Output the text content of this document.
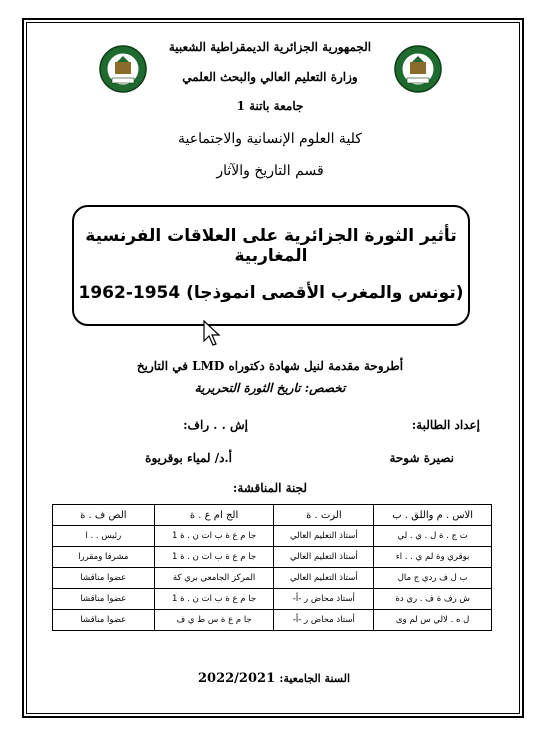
الجمهورية الجزائرية الديمقراطية الشعبية
وزارة التعليم العالي والبحث العلمي
جامعة باتنة 1
كلية العلوم الإنسانية والاجتماعية
قسم التاريخ والآثار
تأثير الثورة الجزائرية على العلاقات الفرنسية المغاربية
(تونس والمغرب الأقصى انموذجا) 1954-1962
أطروحة مقدمة لنيل شهادة دكتوراه LMD في التاريخ
تخصص: تاريخ الثورة التحريرية
إعداد الطالبة:
إش . . راف:
نصيرة شوحة
أ.د/ لمياء بوقريوة
لجنة المناقشة:
الاس . م واللق . ب	الرت . ة	الج ام ع . ة	الص ف . ة
ت ج . ة ل . ي . لي	أستاذ التعليم العالي	جا م ع ة ب ات ن . ة 1	رئيس . . ا
بوقري وة لم ي . . اء	أستاذ التعليم العالي	جا م ع ة ب ات ن . ة 1	مشرفا ومقررا
ب ل ف ردي ج مال	أستاذ التعليم العالي	المركز الجامعي بري كة	عضوا مناقشا
ش رف ة ف . ري دة	أستاذ محاض ر -أ-	جا م ع ة ب ات ن . ة 1	عضوا مناقشا
ل ه . لالي س لم وى	أستاذ محاض ر -أ-	جا م ع ة س ط ي ف	عضوا مناقشا
السنة الجامعية:
2022/2021
